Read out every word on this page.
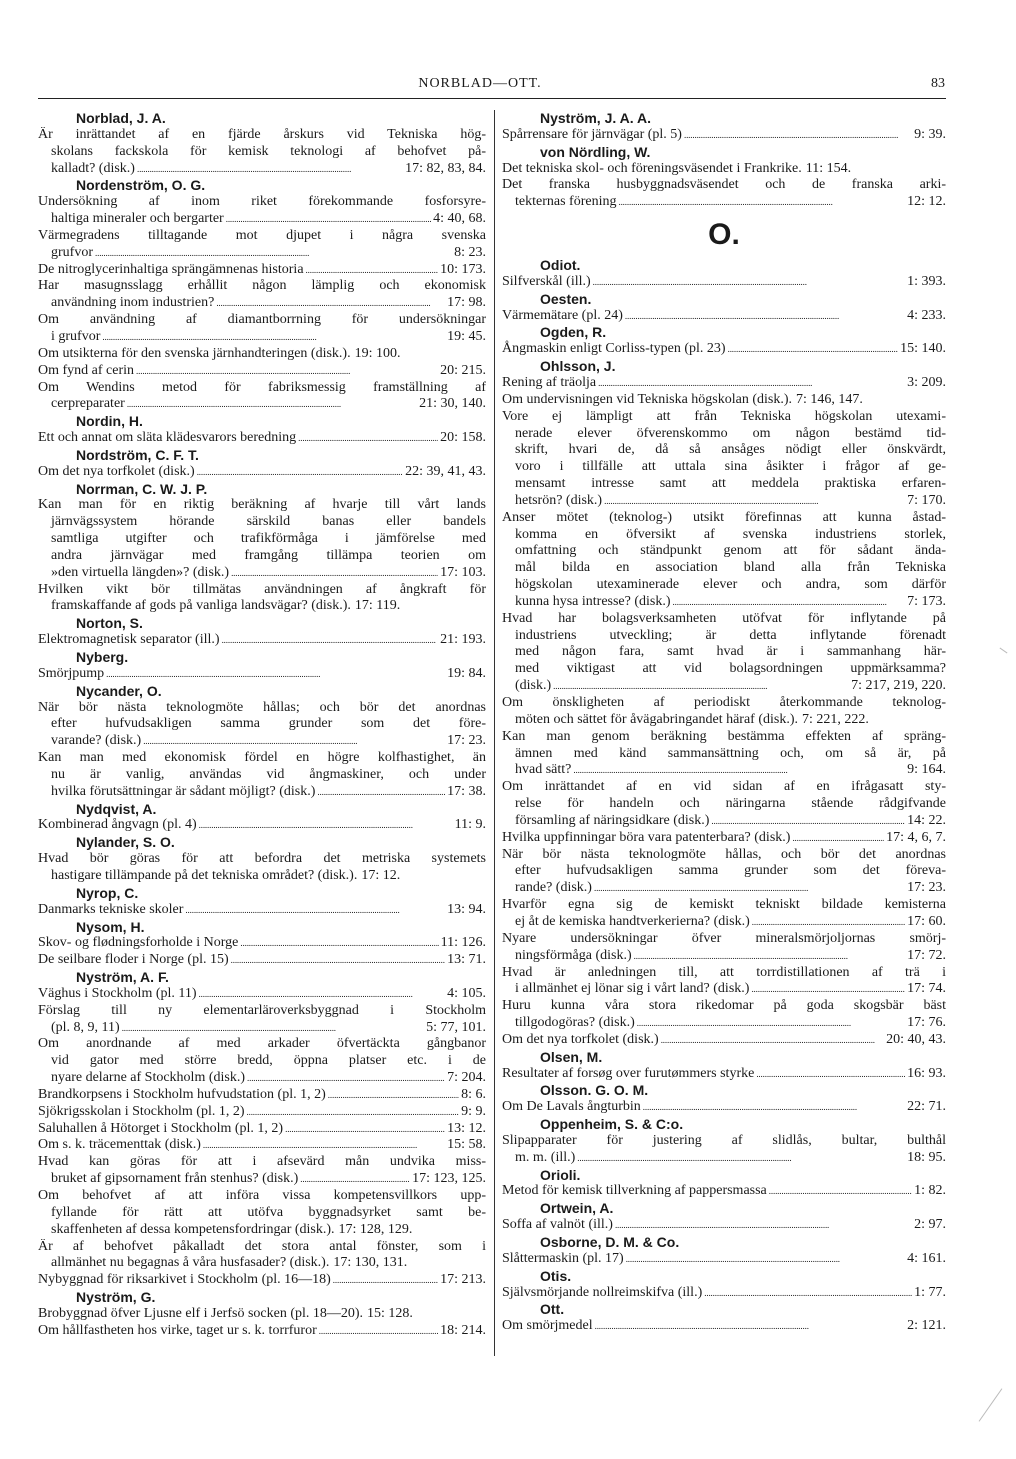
NORBLAD—OTT.	83
Norblad, J. A.
Är inrättandet af en fjärde årskurs vid Tekniska hög-
skolans fackskola för kemisk teknologi af behofvet på-
kalladt? (disk.) . . .	17: 82, 83, 84.
Nordenström, O. G.
Undersökning af inom riket förekommande fosforsyre-
haltiga mineraler och bergarter . . .	4: 40, 68.
Värmegradens tilltagande mot djupet i några svenska
grufvor . . .	8: 23.
De nitroglycerinhaltiga sprängämnenas historia . . .	10: 173.
Har masugnsslagg erhållit någon lämplig och ekonomisk
användning inom industrien? . . .	17: 98.
Om användning af diamantborrning för undersökningar
i grufvor . . .	19: 45.
Om utsikterna för den svenska järnhandteringen (disk.). 19: 100.
Om fynd af cerin . . .	20: 215.
Om Wendins metod för fabriksmessig framställning af
cerpreparater . . .	21: 30, 140.
Nordin, H.
Ett och annat om släta klädesvarors beredning . . .	20: 158.
Nordström, C. F. T.
Om det nya torfkolet (disk.) . . .	22: 39, 41, 43.
Norrman, C. W. J. P.
Kan man för en riktig beräkning af hvarje till vårt lands
järnvägssystem hörande särskild banas eller bandels
samtliga utgifter och trafikförmåga i jämförelse med
andra järnvägar med framgång tillämpa teorien om
»den virtuella längden»? (disk.) . . .	17: 103.
Hvilken vikt bör tillmätas användningen af ångkraft för
framskaffande af gods på vanliga landsvägar? (disk.). 17: 119.
Norton, S.
Elektromagnetisk separator (ill.) . . .	21: 193.
Nyberg.
Smörjpump . . .	19: 84.
Nycander, O.
När bör nästa teknologmöte hållas; och bör det anordnas
efter hufvudsakligen samma grunder som det före-
varande? (disk.) . . .	17: 23.
Kan man med ekonomisk fördel en högre kolfhastighet, än
nu är vanlig, användas vid ångmaskiner, och under
hvilka förutsättningar är sådant möjligt? (disk.) . . .	17: 38.
Nydqvist, A.
Kombinerad ångvagn (pl. 4) . . .	11: 9.
Nylander, S. O.
Hvad bör göras för att befordra det metriska systemets
hastigare tillämpande på det tekniska området? (disk.). 17: 12.
Nyrop, C.
Danmarks tekniske skoler . . .	13: 94.
Nysom, H.
Skov- og flødningsforholde i Norge . . .	11: 126.
De seilbare floder i Norge (pl. 15) . . .	13: 71.
Nyström, A. F.
Väghus i Stockholm (pl. 11) . . .	4: 105.
Förslag till ny elementarläroverksbyggnad i Stockholm
(pl. 8, 9, 11) . . .	5: 77, 101.
Om anordnande af med arkader öfvertäckta gångbanor
vid gator med större bredd, öppna platser etc. i de
nyare delarne af Stockholm (disk.) . . .	7: 204.
Brandkorpsens i Stockholm hufvudstation (pl. 1, 2) . . .	8: 6.
Sjökrigsskolan i Stockholm (pl. 1, 2) . . .	9: 9.
Saluhallen å Hötorget i Stockholm (pl. 1, 2) . . .	13: 12.
Om s. k. träcementtak (disk.) . . .	15: 58.
Hvad kan göras för att i afsevärd mån undvika miss-
bruket af gipsornament från stenhus? (disk.) . . .	17: 123, 125.
Om behofvet af att införa vissa kompetensvillkors upp-
fyllande för rätt att utöfva byggnadsyrket samt be-
skaffenheten af dessa kompetensfordringar (disk.). 17: 128, 129.
Är af behofvet påkalladt det stora antal fönster, som i
allmänhet nu begagnas å våra husfasader? (disk.). 17: 130, 131.
Nybyggnad för riksarkivet i Stockholm (pl. 16—18) . . .	17: 213.
Nyström, G.
Brobyggnad öfver Ljusne elf i Jerfsö socken (pl. 18—20). 15: 128.
Om hållfastheten hos virke, taget ur s. k. torrfuror . . .	18: 214.
Nyström, J. A. A.
Spårrensare för järnvägar (pl. 5) . . .	9: 39.
von Nördling, W.
Det tekniska skol- och föreningsväsendet i Frankrike. 11: 154.
Det franska husbyggnadsväsendet och de franska arki-
tekternas förening . . .	12: 12.
O.
Odiot.
Silfverskål (ill.) . . .	1: 393.
Oesten.
Värmemätare (pl. 24) . . .	4: 233.
Ogden, R.
Ångmaskin enligt Corliss-typen (pl. 23) . . .	15: 140.
Ohlsson, J.
Rening af träolja . . .	3: 209.
Om undervisningen vid Tekniska högskolan (disk.). 7: 146, 147.
Vore ej lämpligt att från Tekniska högskolan utexami-
nerade elever öfverenskommo om någon bestämd tid-
skrift, hvari de, då så ansåges nödigt eller önskvärdt,
voro i tillfälle att uttala sina åsikter i frågor af ge-
mensamt intresse samt att meddela praktiska erfaren-
hetsrön? (disk.) . . .	7: 170.
Anser mötet (teknolog-) utsikt förefinnas att kunna åstad-
komma en öfversikt af svenska industriens storlek,
omfattning och ständpunkt genom att för sådant ända-
mål bilda en association bland alla från Tekniska
högskolan utexaminerade elever och andra, som därför
kunna hysa intresse? (disk.) . . .	7: 173.
Hvad har bolagsverksamheten utöfvat för inflytande på
industriens utveckling; är detta inflytande förenadt
med någon fara, samt hvad är i sammanhang här-
med viktigast att vid bolagsordningen uppmärksamma?
(disk.) . . .	7: 217, 219, 220.
Om önskligheten af periodiskt återkommande teknolog-
möten och sättet för åvägabringandet häraf (disk.). 7: 221, 222.
Kan man genom beräkning bestämma effekten af spräng-
ämnen med känd sammansättning och, om så är, på
hvad sätt? . . .	9: 164.
Om inrättandet af en vid sidan af en ifrågasatt sty-
relse för handeln och näringarna stående rådgifvande
församling af näringsidkare (disk.) . . .	14: 22.
Hvilka uppfinningar böra vara patenterbara? (disk.) . . .	17: 4, 6, 7.
När bör nästa teknologmöte hållas, och bör det anordnas
efter hufvudsakligen samma grunder som det föreva-
rande? (disk.) . . .	17: 23.
Hvarför egna sig de kemiskt tekniskt bildade kemisterna
ej åt de kemiska handtverkerierna? (disk.) . . .	17: 60.
Nyare undersökningar öfver mineralsmörjoljornas smörj-
ningsförmåga (disk.) . . .	17: 72.
Hvad är anledningen till, att torrdistillationen af trä i
i allmänhet ej lönar sig i vårt land? (disk.) . . .	17: 74.
Huru kunna våra stora rikedomar på goda skogsbär bäst
tillgodogöras? (disk.) . . .	17: 76.
Om det nya torfkolet (disk.) . . .	20: 40, 43.
Olsen, M.
Resultater af forsøg over furutømmers styrke . . .	16: 93.
Olsson. G. O. M.
Om De Lavals ångturbin . . .	22: 71.
Oppenheim, S. & C:o.
Slipapparater för justering af slidlås, bultar, bulthål
m. m. (ill.) . . .	18: 95.
Orioli.
Metod för kemisk tillverkning af pappersmassa . . .	1: 82.
Ortwein, A.
Soffa af valnöt (ill.) . . .	2: 97.
Osborne, D. M. & Co.
Slåttermaskin (pl. 17) . . .	4: 161.
Otis.
Självsmörjande nollreimskifva (ill.) . . .	1: 77.
Ott.
Om smörjmedel . . .	2: 121.
